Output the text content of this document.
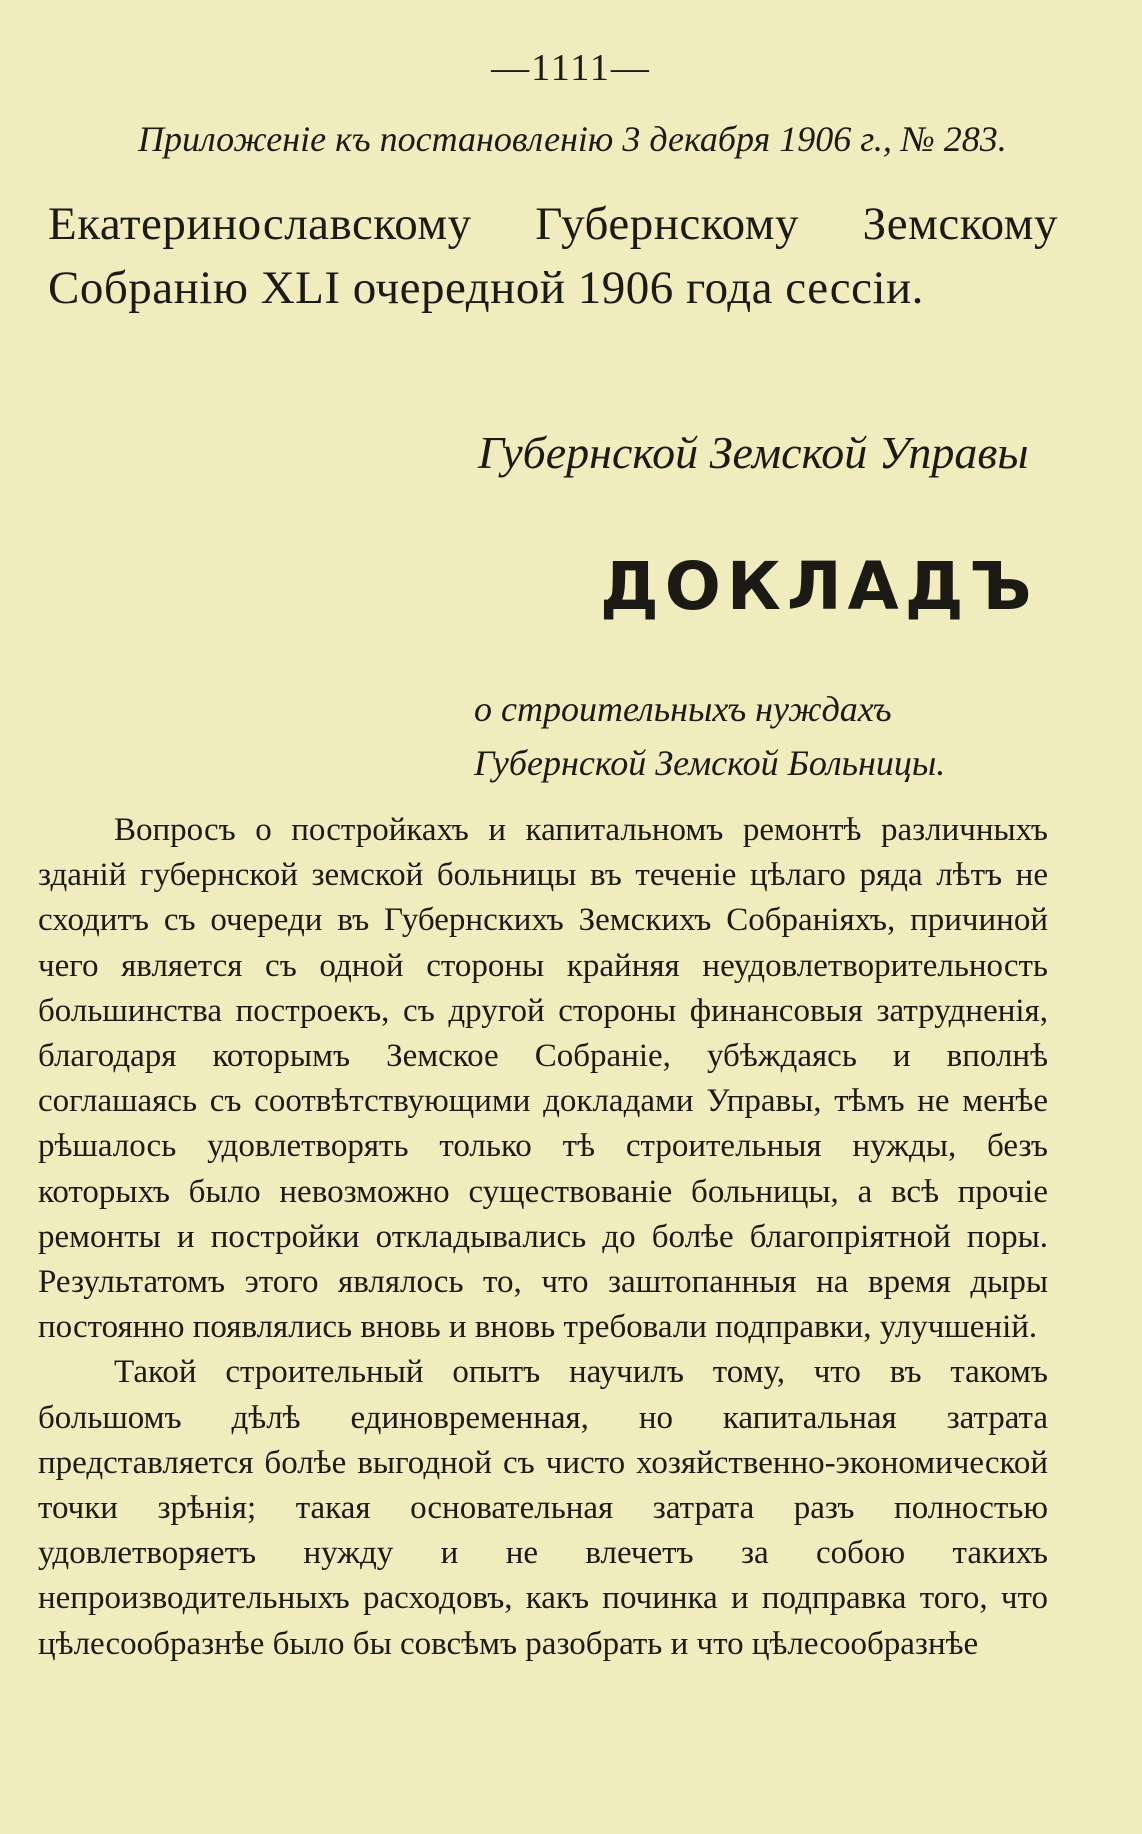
—1111—
Приложеніе къ постановленію 3 декабря 1906 г., № 283.
Екатеринославскому Губернскому Земскому Собранію XLI очередной 1906 года сессіи.
Губернской Земской Управы
ДОКЛАДЪ
о строительныхъ нуждахъ Губернской Земской Больницы.

Вопросъ о постройкахъ и капитальномъ ремонтѣ различныхъ зданій губернской земской больницы въ теченіе цѣлаго ряда лѣтъ не сходитъ съ очереди въ Губернскихъ Земскихъ Собраніяхъ, причиной чего является съ одной стороны крайняя неудовлетворительность большинства построекъ, съ другой стороны финансовыя затрудненія, благодаря которымъ Земское Собраніе, убѣждаясь и вполнѣ соглашаясь съ соотвѣтствующими докладами Управы, тѣмъ не менѣе рѣшалось удовлетворять только тѣ строительныя нужды, безъ которыхъ было невозможно существованіе больницы, а всѣ прочіе ремонты и постройки откладывались до болѣе благопріятной поры. Результатомъ этого являлось то, что заштопанныя на время дыры постоянно появлялись вновь и вновь требовали подправки, улучшеній.

Такой строительный опытъ научилъ тому, что въ такомъ большомъ дѣлѣ единовременная, но капитальная затрата представляется болѣе выгодной съ чисто хозяйственно-экономической точки зрѣнія; такая основательная затрата разъ полностью удовлетворяетъ нужду и не влечетъ за собою такихъ непроизводительныхъ расходовъ, какъ починка и подправка того, что цѣлесообразнѣе было бы совсѣмъ разобрать и что цѣлесообразнѣе
